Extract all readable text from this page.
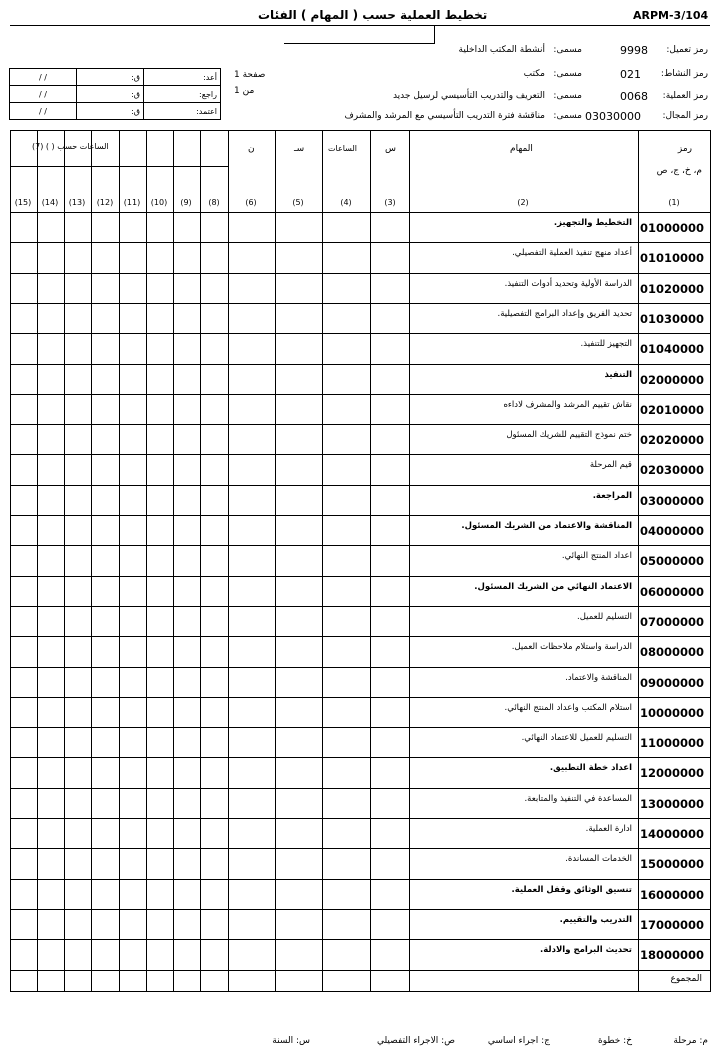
ARPM-3/104
تخطيط العملية حسب ( المهام ) الفئات
رمز تعميل:
9998
مسمى:
أنشطة المكتب الداخلية
رمز النشاط:
021
مسمى:
مكتب
رمز العملية:
0068
مسمى:
التعريف والتدريب التأسيسي لرسيل جديد
رمز المجال:
03030000
مسمى:
مناقشة فترة التدريب التأسيسي مع المرشد والمشرف
صفحة 1
من 1
/ /	ق:	أعد:
/ /	ق:	راجع:
/ /	ق:	اعتمد:
رمز
م، خ، ج، ص
المهام
س
الساعات
سـ
ن
الساعات حسب ( ) (7)
(1)
(2)
(3)
(4)
(5)
(6)
(8)
(9)
(10)
(11)
(12)
(13)
(14)
(15)
01000000
التخطيط والتجهيز.
01010000
أعداد منهج تنفيذ العملية التفصيلي.
01020000
الدراسة الأولية وتحديد أدوات التنفيذ.
01030000
تحديد الفريق وإعداد البرامج التفصيلية.
01040000
التجهيز للتنفيذ.
02000000
التنفيذ
02010000
نقاش تقييم المرشد والمشرف لاداءه
02020000
ختم نموذج التقييم للشريك المسئول
02030000
قيم المرحلة
03000000
المراجعة.
04000000
المناقشة والاعتماد من الشريك المسئول.
05000000
اعداد المنتج النهائي.
06000000
الاعتماد النهائي من الشريك المسئول.
07000000
التسليم للعميل.
08000000
الدراسة واستلام ملاحظات العميل.
09000000
المناقشة والاعتماد.
10000000
استلام المكتب واعداد المنتج النهائي.
11000000
التسليم للعميل للاعتماد النهائي.
12000000
اعداد خطة التطبيق.
13000000
المساعدة في التنفيذ والمتابعة.
14000000
ادارة العملية.
15000000
الخدمات المساندة.
16000000
تنسيق الوثائق وقفل العملية.
17000000
التدريب والتقييم.
18000000
تحديث البرامج والادلة.
المجموع
م: مرحلة
خ: خطوة
ج: اجراء اساسي
ص: الاجراء التفصيلي
س: السنة
